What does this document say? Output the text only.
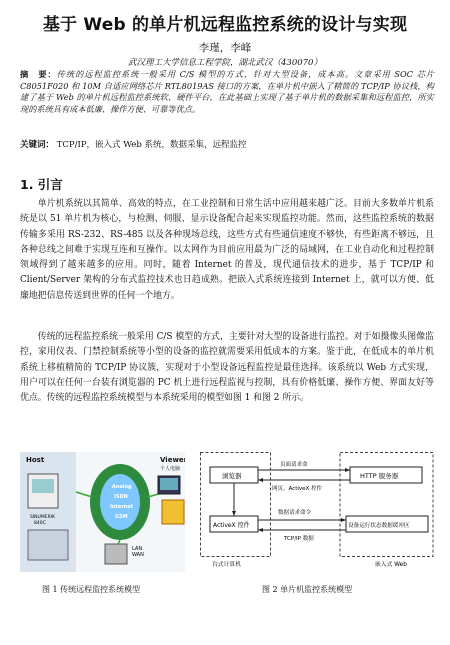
基于 Web 的单片机远程监控系统的设计与实现
李瑾，李峰
武汉理工大学信息工程学院，湖北武汉（430070）
摘　要：传统的远程监控系统一般采用 C/S 模型的方式，针对大型设备，成本高。文章采用 SOC 芯片 C8051F020 和 10M 自适应网络芯片 RTL8019AS 接口的方案，在单片机中嵌入了精简的 TCP/IP 协议栈，构建了基于 Web 的单片机远程监控系统软、硬件平台，在此基础上实现了基于单片机的数据采集和远程监控，所实现的系统具有成本低廉、操作方便、可靠等优点。
关键词： TCP/IP，嵌入式 Web 系统，数据采集，远程监控
1. 引言
单片机系统以其简单、高效的特点，在工业控制和日常生活中应用越来越广泛。目前大多数单片机系统是以 51 单片机为核心，与检测、伺服、显示设备配合起来实现监控功能。然而，这些监控系统的数据传输多采用 RS-232、RS-485 以及各种现场总线，这些方式有些通信速度不够快，有些距离不够远，且各种总线之间难于实现互连和互操作。以太网作为目前应用最为广泛的局域网，在工业自动化和过程控制领域得到了越来越多的应用。同时，随着 Internet 的普及，现代通信技术的进步，基于 TCP/IP 和 Client/Server 架构的分布式监控技术也日趋成熟。把嵌入式系统连接到 Internet 上，就可以方便、低廉地把信息传送到世界的任何一个地方。
传统的远程监控系统一般采用 C/S 模型的方式，主要针对大型的设备进行监控。对于如摄像头图像监控，家用仪表、门禁控制系统等小型的设备的监控就需要采用低成本的方案。鉴于此，在低成本的单片机系统上移植精简的 TCP/IP 协议簇，实现对于小型设备远程监控是最佳选择。该系统以 Web 方式实现，用户可以在任何一台装有浏览器的 PC 机上进行远程监视与控制，具有价格低廉、操作方便、界面友好等优点。传统的远程监控系统模型与本系统采用的模型如图 1 和图 2 所示。
Host	Viewer
个人电脑
SINUMERIK
840C
Analog
ISDN
Internet
GSM
LAN
WAN
浏览器	HTTP 服务器
ActiveX 控件	设备运行状态数据缓冲区
页面请求命
网页、ActiveX 控件
数据请求命令
TCP/IP 数据
台式计算机	嵌入式 Web
图 1 传统远程监控系统模型	图 2 单片机监控系统模型
